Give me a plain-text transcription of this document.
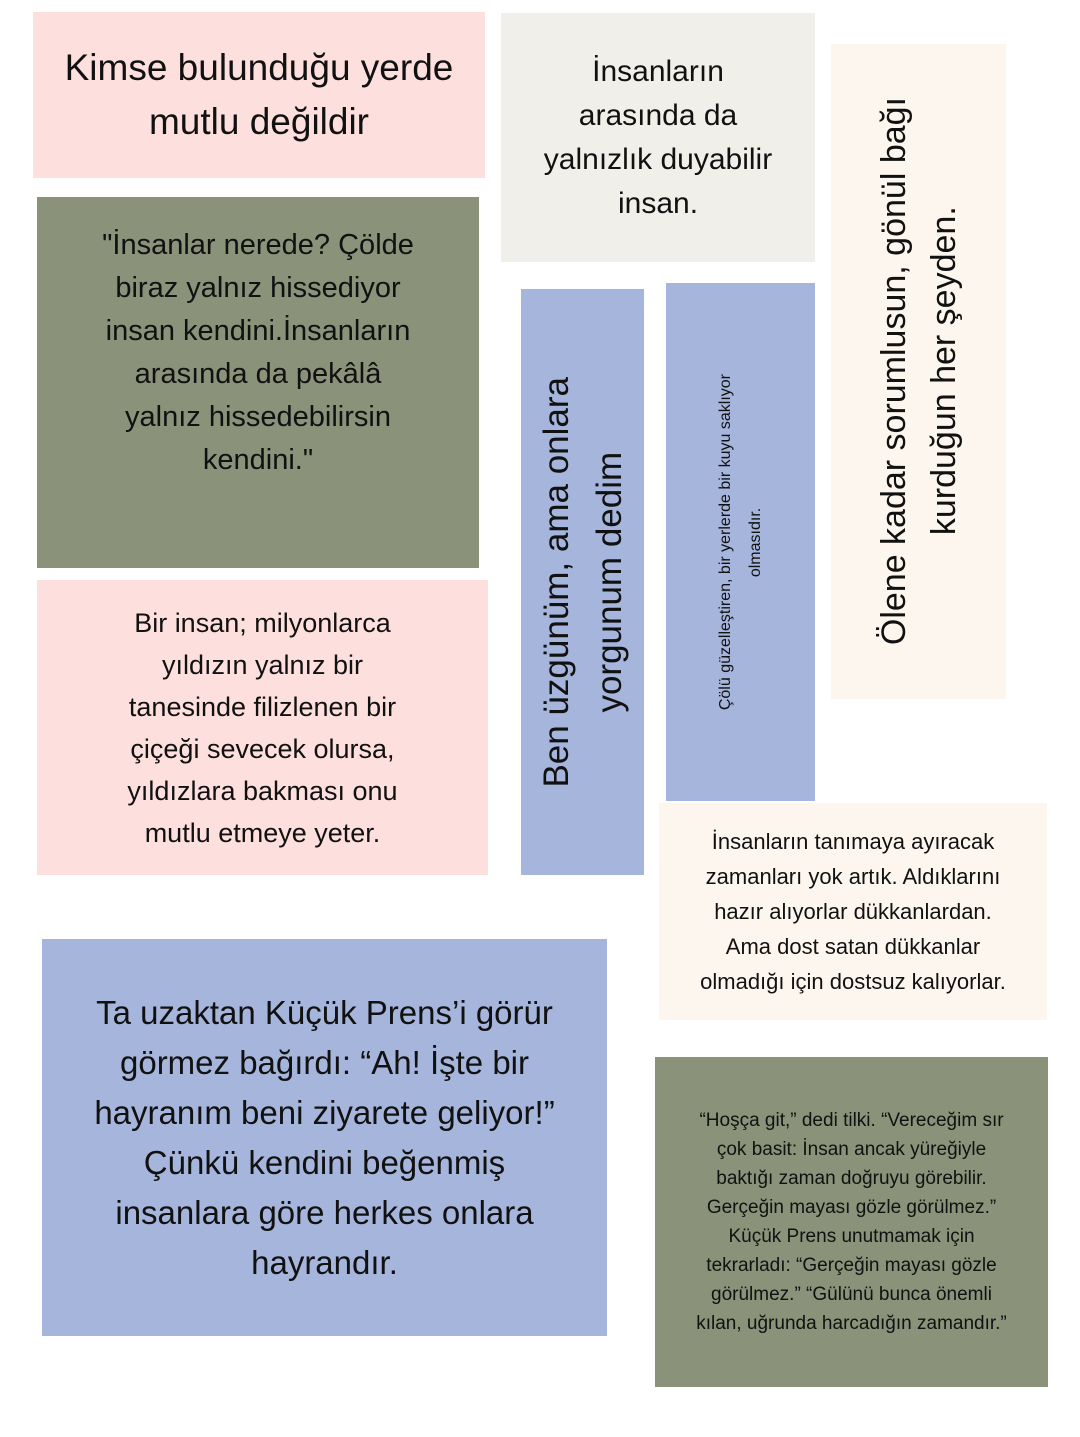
Kimse bulunduğu yerde
mutlu değildir

İnsanların
arasında da
yalnızlık duyabilir
insan.

Ölene kadar sorumlusun, gönül bağı
kurduğun her şeyden.

"İnsanlar nerede? Çölde
biraz yalnız hissediyor
insan kendini.İnsanların
arasında da pekâlâ
yalnız hissedebilirsin
kendini."

Ben üzgünüm, ama onlara
yorgunum dedim

Çölü güzelleştiren, bir yerlerde bir kuyu saklıyor
olmasıdır.

Bir insan; milyonlarca
yıldızın yalnız bir
tanesinde filizlenen bir
çiçeği sevecek olursa,
yıldızlara bakması onu
mutlu etmeye yeter.	İnsanların tanımaya ayıracak
zamanları yok artık. Aldıklarını
hazır alıyorlar dükkanlardan.
Ama dost satan dükkanlar
olmadığı için dostsuz kalıyorlar.

Ta uzaktan Küçük Prens’i görür
görmez bağırdı: “Ah! İşte bir
hayranım beni ziyarete geliyor!”
Çünkü kendini beğenmiş
insanlara göre herkes onlara
hayrandır.

“Hoşça git,” dedi tilki. “Vereceğim sır
çok basit: İnsan ancak yüreğiyle
baktığı zaman doğruyu görebilir.
Gerçeğin mayası gözle görülmez.”
Küçük Prens unutmamak için
tekrarladı: “Gerçeğin mayası gözle
görülmez.” “Gülünü bunca önemli
kılan, uğrunda harcadığın zamandır.”
